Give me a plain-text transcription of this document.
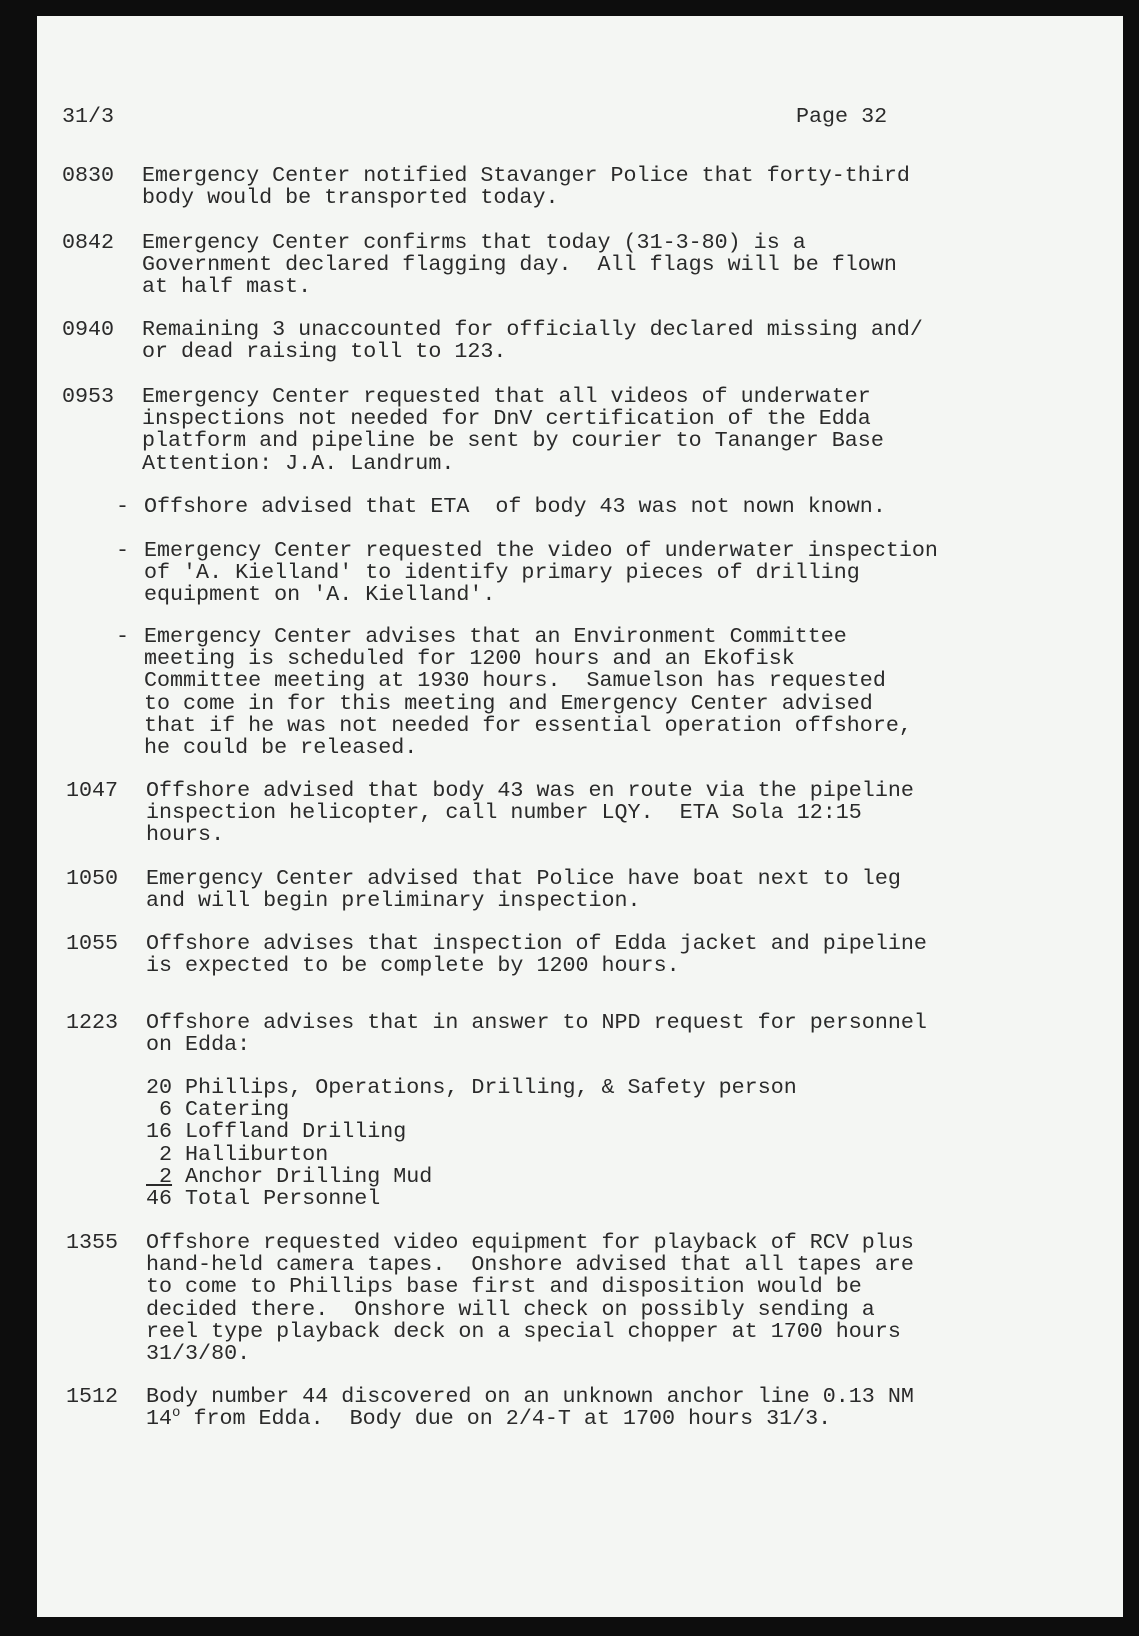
31/3	Page 32
0830 Emergency Center notified Stavanger Police that forty-third
body would be transported today.
0842 Emergency Center confirms that today (31-3-80) is a
Government declared flagging day.  All flags will be flown
at half mast.
0940 Remaining 3 unaccounted for officially declared missing and/
or dead raising toll to 123.
0953 Emergency Center requested that all videos of underwater
inspections not needed for DnV certification of the Edda
platform and pipeline be sent by courier to Tananger Base
Attention: J.A. Landrum.
- Offshore advised that ETA  of body 43 was not nown known.
- Emergency Center requested the video of underwater inspection
of 'A. Kielland' to identify primary pieces of drilling
equipment on 'A. Kielland'.
- Emergency Center advises that an Environment Committee
meeting is scheduled for 1200 hours and an Ekofisk
Committee meeting at 1930 hours.  Samuelson has requested
to come in for this meeting and Emergency Center advised
that if he was not needed for essential operation offshore,
he could be released.
1047 Offshore advised that body 43 was en route via the pipeline
inspection helicopter, call number LQY.  ETA Sola 12:15
hours.
1050 Emergency Center advised that Police have boat next to leg
and will begin preliminary inspection.
1055 Offshore advises that inspection of Edda jacket and pipeline
is expected to be complete by 1200 hours.
1223 Offshore advises that in answer to NPD request for personnel
on Edda:
20 Phillips, Operations, Drilling, & Safety person
6 Catering
16 Loffland Drilling
2 Halliburton
2 Anchor Drilling Mud
46 Total Personnel
1355 Offshore requested video equipment for playback of RCV plus
hand-held camera tapes.  Onshore advised that all tapes are
to come to Phillips base first and disposition would be
decided there.  Onshore will check on possibly sending a
reel type playback deck on a special chopper at 1700 hours
31/3/80.
1512 Body number 44 discovered on an unknown anchor line 0.13 NM
14$^o$ from Edda.  Body due on 2/4-T at 1700 hours 31/3.
